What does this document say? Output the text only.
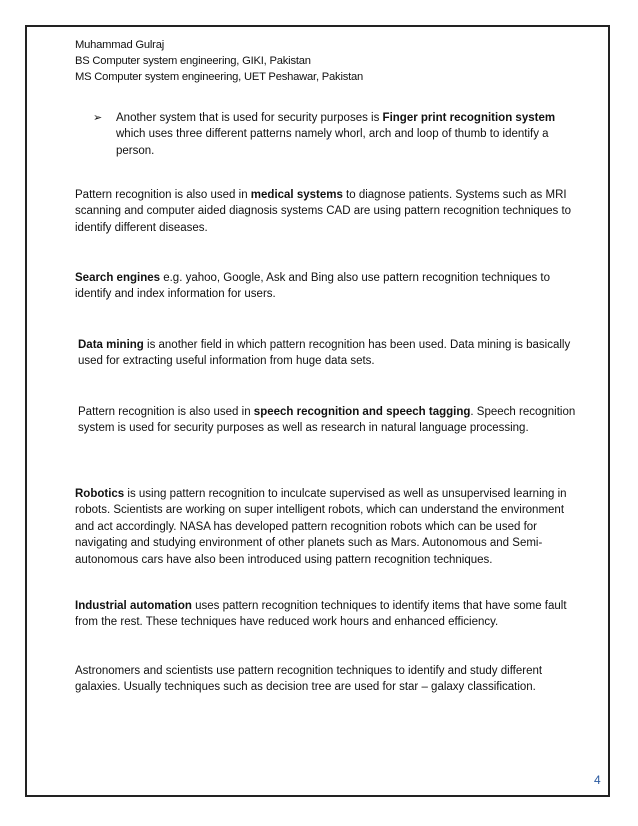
Muhammad Gulraj
BS Computer system engineering, GIKI, Pakistan
MS Computer system engineering, UET Peshawar, Pakistan
➢ Another system that is used for security purposes is Finger print recognition system which uses three different patterns namely whorl, arch and loop of thumb to identify a person.
Pattern recognition is also used in medical systems to diagnose patients. Systems such as MRI scanning and computer aided diagnosis systems CAD are using pattern recognition techniques to identify different diseases.
Search engines e.g. yahoo, Google, Ask and Bing also use pattern recognition techniques to identify and index information for users.
Data mining is another field in which pattern recognition has been used. Data mining is basically used for extracting useful information from huge data sets.
Pattern recognition is also used in speech recognition and speech tagging. Speech recognition system is used for security purposes as well as research in natural language processing.
Robotics is using pattern recognition to inculcate supervised as well as unsupervised learning in robots. Scientists are working on super intelligent robots, which can understand the environment and act accordingly. NASA has developed pattern recognition robots which can be used for navigating and studying environment of other planets such as Mars. Autonomous and Semi-autonomous cars have also been introduced using pattern recognition techniques.
Industrial automation uses pattern recognition techniques to identify items that have some fault from the rest. These techniques have reduced work hours and enhanced efficiency.
Astronomers and scientists use pattern recognition techniques to identify and study different galaxies. Usually techniques such as decision tree are used for star – galaxy classification.
4
